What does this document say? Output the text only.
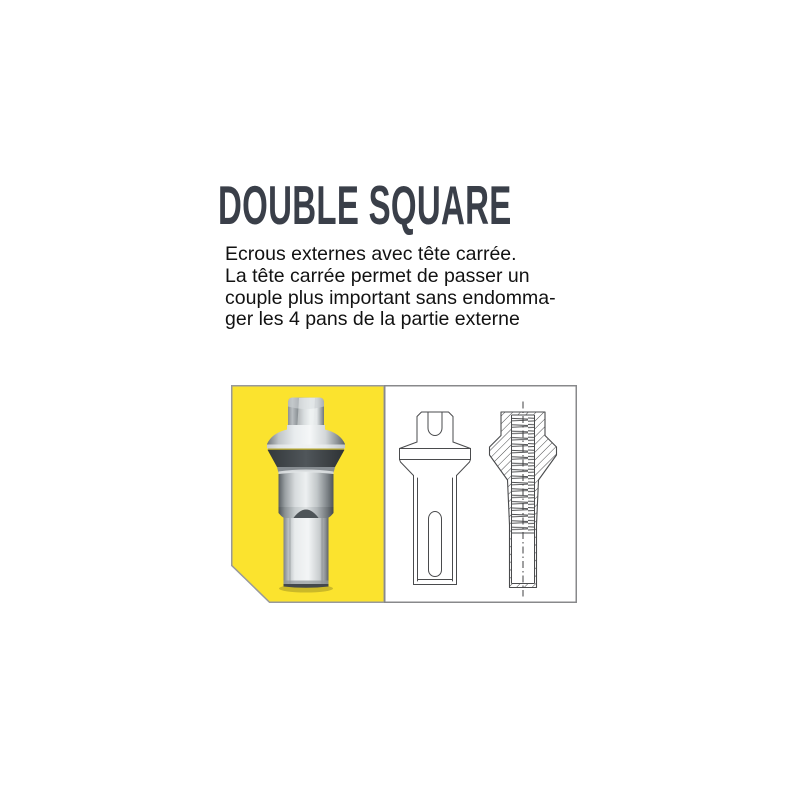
DOUBLE SQUARE
Ecrous externes avec tête carrée.
La tête carrée permet de passer un
couple plus important sans endomma-
ger les 4 pans de la partie externe
